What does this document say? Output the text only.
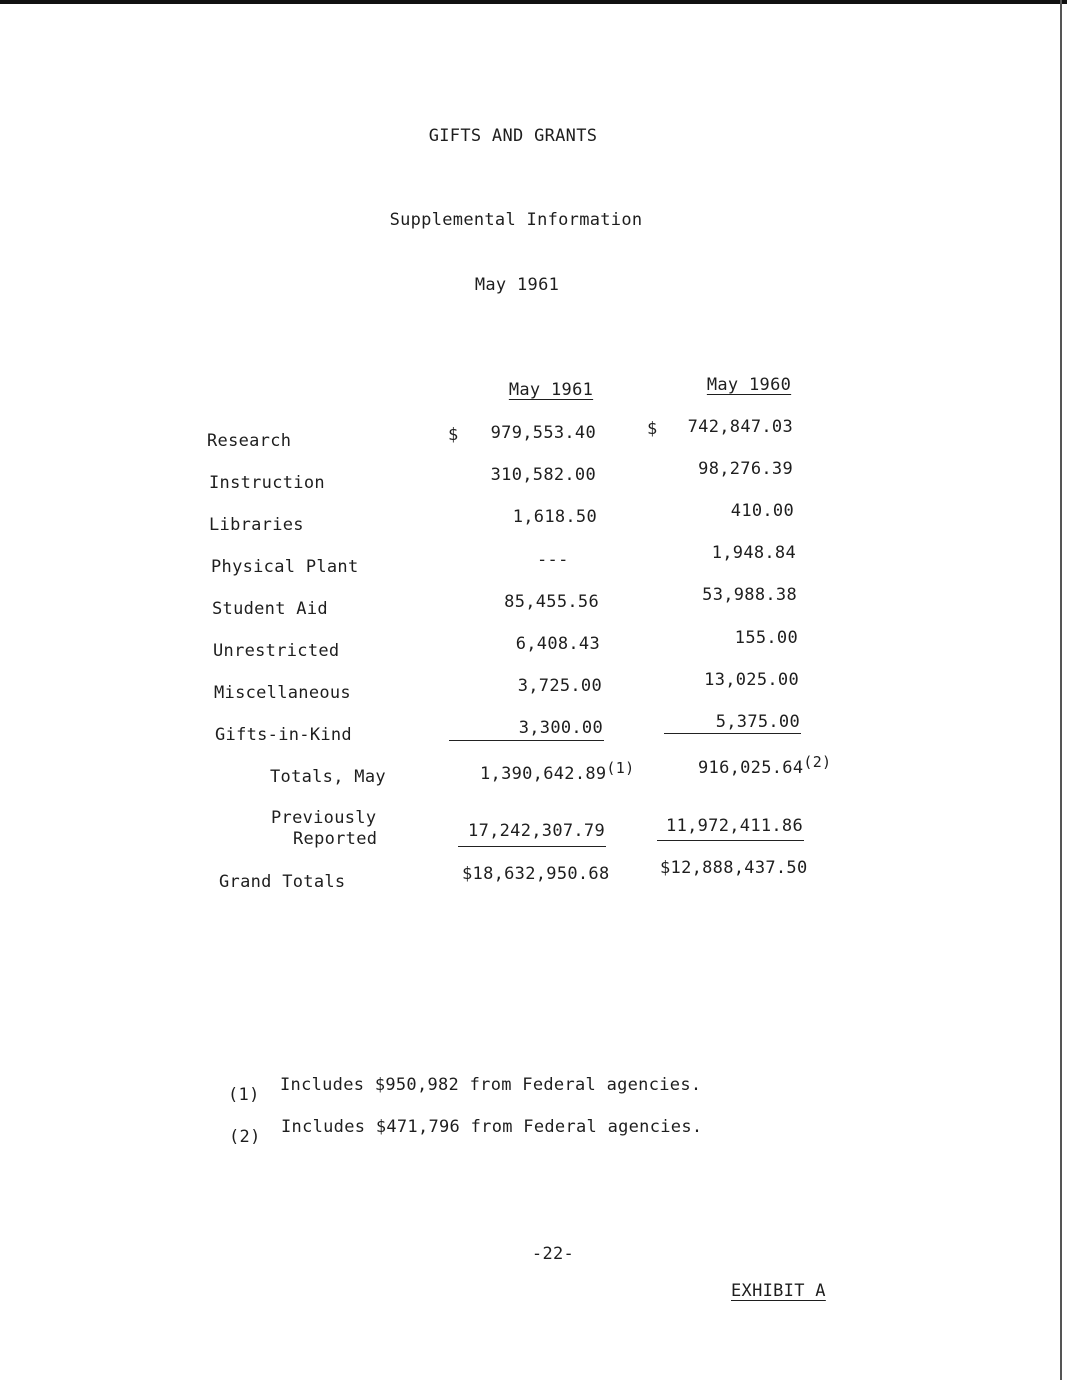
GIFTS AND GRANTS
Supplemental Information
May 1961
May 1961	May 1960
Research	$	979,553.40	$	742,847.03
Instruction	310,582.00	98,276.39
Libraries	1,618.50	410.00
Physical Plant	---	1,948.84
Student Aid	85,455.56	53,988.38
Unrestricted	6,408.43	155.00
Miscellaneous	3,725.00	13,025.00
Gifts-in-Kind	3,300.00	5,375.00
Totals, May	1,390,642.89$^{(1)}$	916,025.64$^{(2)}$
Previously
Reported	17,242,307.79	11,972,411.86
Grand Totals	$18,632,950.68	$12,888,437.50
(1) Includes $950,982 from Federal agencies.
(2) Includes $471,796 from Federal agencies.
-22-
EXHIBIT A
